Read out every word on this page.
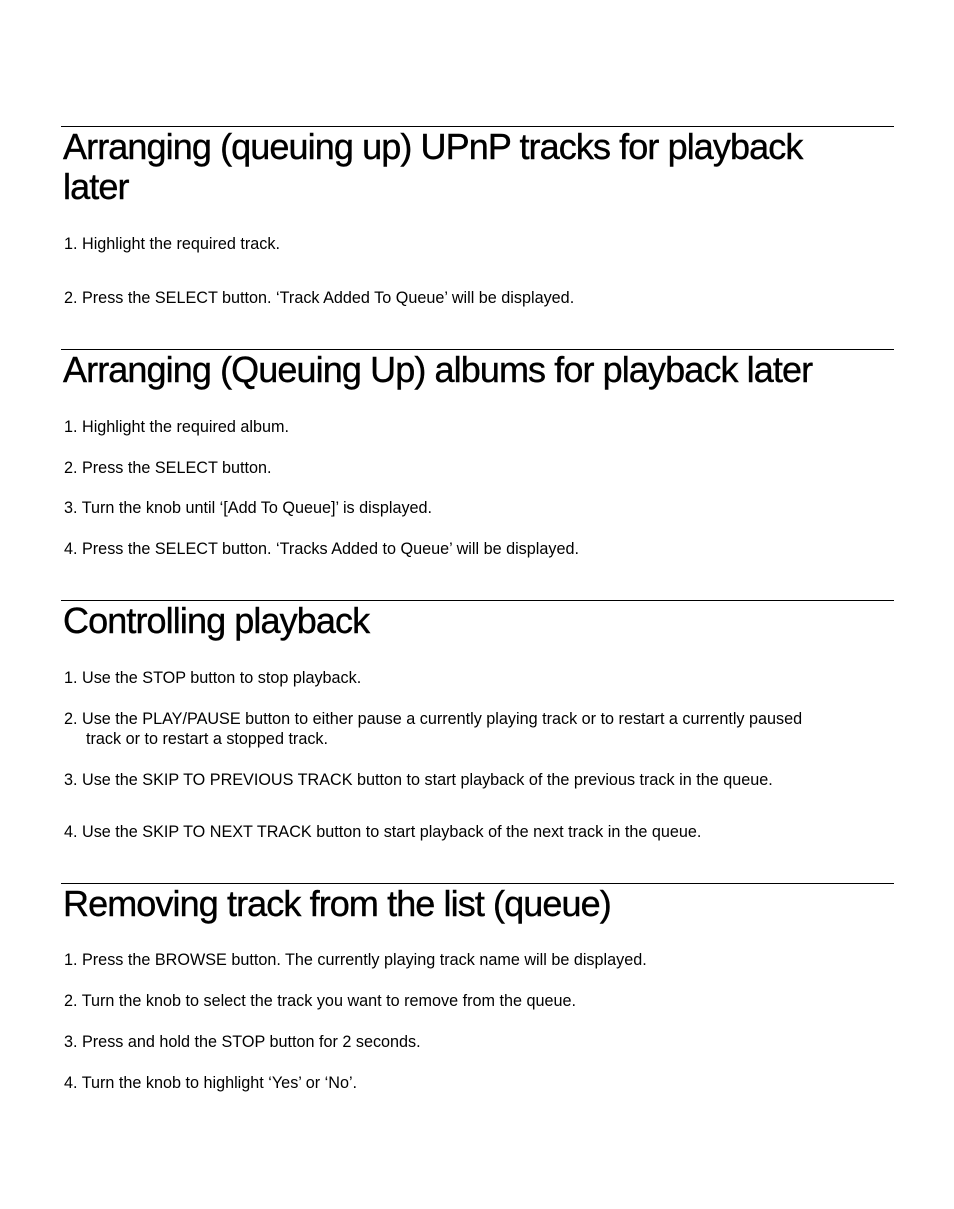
Arranging (queuing up) UPnP tracks for playback
later

1. Highlight the required track.

2. Press the SELECT button. ‘Track Added To Queue’ will be displayed.

Arranging (Queuing Up) albums for playback later

1. Highlight the required album.

2. Press the SELECT button.

3. Turn the knob until ‘[Add To Queue]’ is displayed.

4. Press the SELECT button. ‘Tracks Added to Queue’ will be displayed.

Controlling playback

1. Use the STOP button to stop playback.

2. Use the PLAY/PAUSE button to either pause a currently playing track or to restart a currently paused
track or to restart a stopped track.

3. Use the SKIP TO PREVIOUS TRACK button to start playback of the previous track in the queue.

4. Use the SKIP TO NEXT TRACK button to start playback of the next track in the queue.

Removing track from the list (queue)

1. Press the BROWSE button. The currently playing track name will be displayed.

2. Turn the knob to select the track you want to remove from the queue.

3. Press and hold the STOP button for 2 seconds.

4. Turn the knob to highlight ‘Yes’ or ‘No’.
